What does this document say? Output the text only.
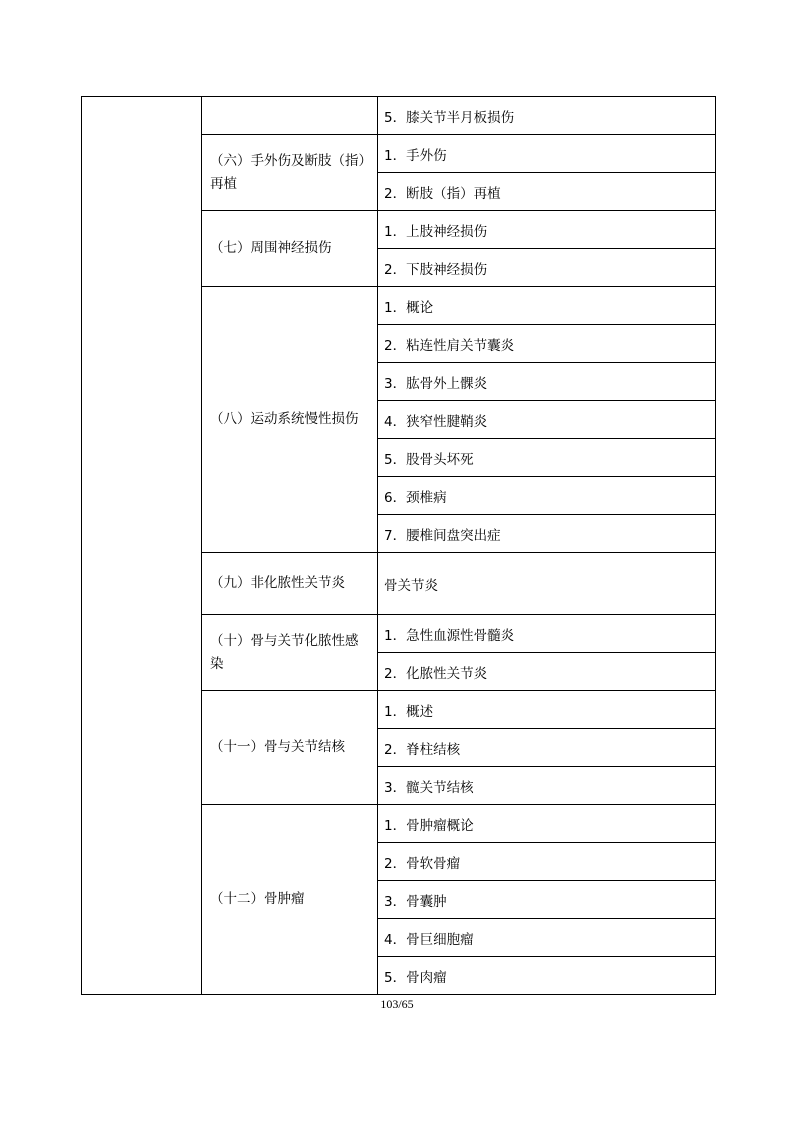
		5．膝关节半月板损伤
	（六）手外伤及断肢（指）再植	1．手外伤
		2．断肢（指）再植
	（七）周围神经损伤	1．上肢神经损伤
		2．下肢神经损伤
	（八）运动系统慢性损伤	1．概论
		2．粘连性肩关节囊炎
		3．肱骨外上髁炎
		4．狭窄性腱鞘炎
		5．股骨头坏死
		6．颈椎病
		7．腰椎间盘突出症
	（九）非化脓性关节炎	骨关节炎
	（十）骨与关节化脓性感染	1．急性血源性骨髓炎
		2．化脓性关节炎
	（十一）骨与关节结核	1．概述
		2．脊柱结核
		3．髋关节结核
	（十二）骨肿瘤	1．骨肿瘤概论
		2．骨软骨瘤
		3．骨囊肿
		4．骨巨细胞瘤
		5．骨肉瘤
103/65
